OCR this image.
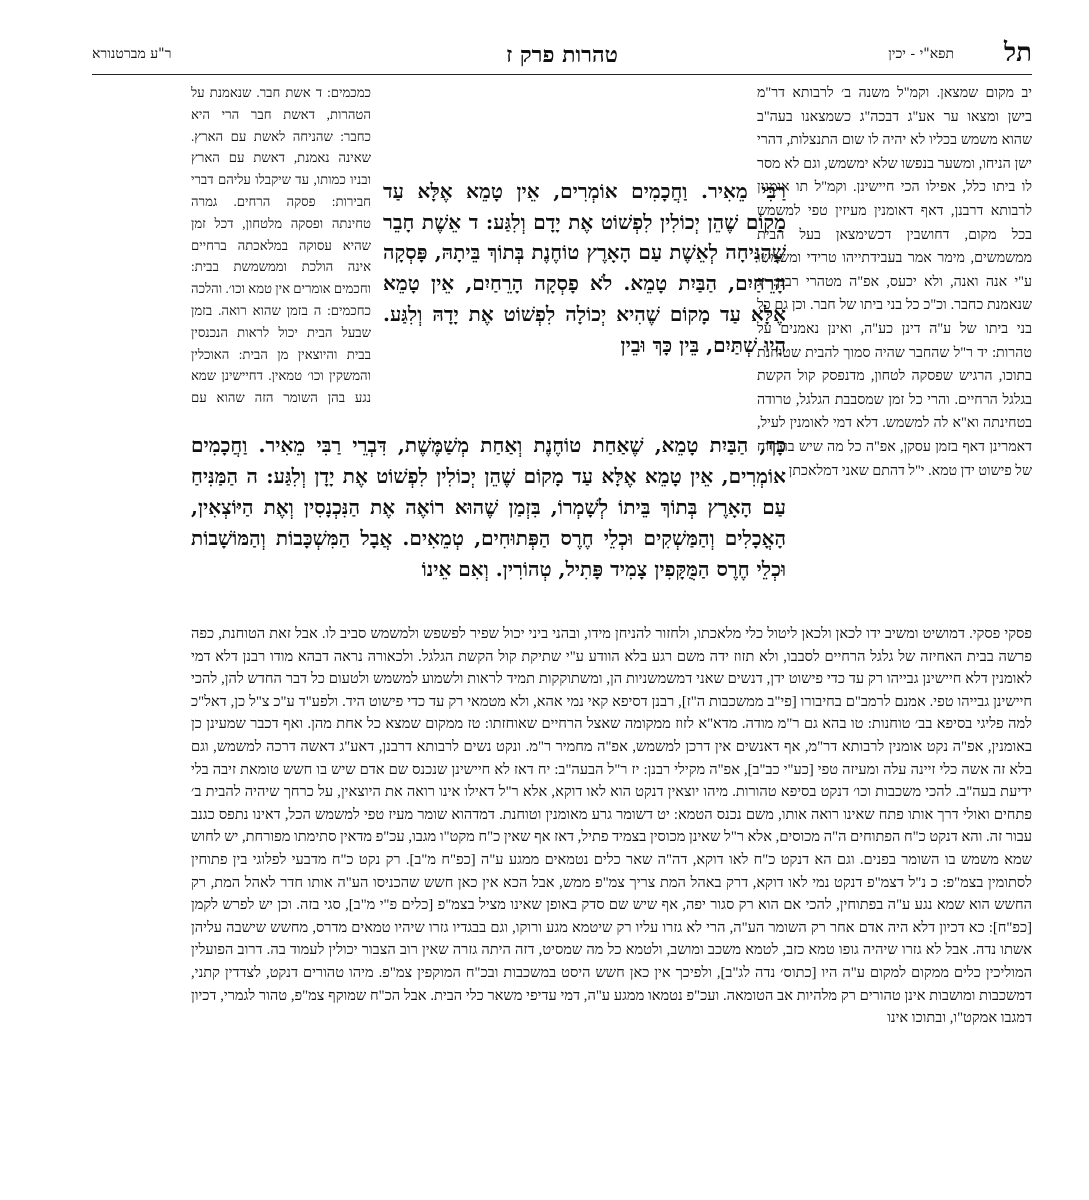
תל
תפא"י - יכין
טהרות פרק ז
ר"ע מברטנורא

יב מקום שמצאן. וקמ"ל משנה ב׳ לרבותא דר"מ בישן ומצאו ער אע"ג דבכה"ג כשמצאנו בעה"ב שהוא משמש בכליו לא יהיה לו שום התנצלות, דהרי ישן הניחו, ומשער בנפשו שלא ימשמש, וגם לא מסר לו ביתו כלל, אפילו הכי חיישינן. וקמ"ל תו אומנין לרבותא דרבנן, דאף דאומנין מעיזין טפי למשמש בכל מקום, דחושבין דכשימצאן בעל הבית ממשמשים, מימר אמר בעבידתייהו טרידי ומשמשו ע"י אנה ואנה, ולא יכעס, אפ"ה מטהרי רבנן: יג שנאמנת כחבר. וכ"כ כל בני ביתו של חבר. וכן גם כל בני ביתו של ע"ה דינן כע"ה, ואינן נאמנים על טהרות: יד ר"ל שהחבר שהיה סמוך להבית שטוחנת בתוכו, הרגיש שפסקה לטחון, מדנפסק קול הקשת בגלגל הרחיים. והרי כל זמן שמסבבת הגלגל, טרודה בטחינתה וא"א לה למשמש. דלא דמי לאומנין לעיל, דאמרינן דאף בזמן עסקן, אפ"ה כל מה שיש בהרווח של פישוט ידן טמא. י"ל דהתם שאני דמלאכתן

כמכמים: ד אשת חבר. שנאמנת על הטהרות, דאשת חבר הרי היא כחבר: שהניחה לאשת עם הארץ. שאינה נאמנת, דאשת עם הארץ ובניו כמותו, עד שיקבלו עליהם דברי חבירות: פסקה הרחים. גמרה טחינתה ופסקה מלטחון, דכל זמן שהיא עסוקה במלאכתה ברחיים אינה הולכת וממשמשת בבית: וחכמים אומרים אין טמא וכו׳. והלכה כחכמים: ה בזמן שהוא רואה. בזמן שבעל הבית יכול לראות הנכנסין בבית והיוצאין מן הבית: האוכלין והמשקין וכו׳ טמאין. דחיישינן שמא נגע בהן השומר הזה שהוא עם

רַבִּי מֵאִיר. וַחֲכָמִים אוֹמְרִים, אֵין טָמֵא אֶלָּא עַד מָקוֹם שֶׁהֵן יְכוֹלִין לִפְשׁוֹט אֶת יָדָם וְלִגַּע: ד אֵשֶׁת חָבֵר שֶׁהִנִּיחָה לְאֵשֶׁת עַם הָאָרֶץ טוֹחֶנֶת בְּתוֹךְ בֵּיתָהּ, פָּסְקָה הָרֵחַיִם, הַבַּיִת טָמֵא. לֹא פָסְקָה הָרֵחַיִם, אֵין טָמֵא אֶלָּא עַד מָקוֹם שֶׁהִיא יְכוֹלָה לִפְשׁוֹט אֶת יָדָהּ וְלִגַּע. הָיוּ שְׁתַּיִם, בֵּין כָּךְ וּבֵין

כָּךְ, הַבַּיִת טָמֵא, שֶׁאַחַת טוֹחֶנֶת וְאַחַת מְשַׁמֶּשֶׁת, דִּבְרֵי רַבִּי מֵאִיר. וַחֲכָמִים אוֹמְרִים, אֵין טָמֵא אֶלָּא עַד מָקוֹם שֶׁהֵן יְכוֹלִין לִפְשׁוֹט אֶת יָדָן וְלִגַּע: ה הַמַּנִּיחַ עַם הָאָרֶץ בְּתוֹךְ בֵּיתוֹ לְשָׁמְרוֹ, בִּזְמַן שֶׁהוּא רוֹאֶה אֶת הַנִּכְנָסִין וְאֶת הַיּוֹצְאִין, הָאֳכָלִים וְהַמַּשְׁקִים וּכְלֵי חֶרֶס הַפְּתוּחִים, טְמֵאִים. אֲבָל הַמִּשְׁכָּבוֹת וְהַמּוֹשָׁבוֹת וּכְלֵי חֶרֶס הַמֻּקָּפִין צָמִיד פָּתִיל, טְהוֹרִין. וְאִם אֵינוֹ

פסקי פסקי. דמושיט ומשיב ידו לכאן ולכאן ליטול כלי מלאכתו, ולחזור להניחן מידו, ובהני ביני יכול שפיר לפשפש ולמשמש סביב לו. אבל זאת הטוחנת, כפה פרשה בבית האחיזה של גלגל הרחיים לסבבו, ולא תזוז ידה משם רגע בלא הוודע ע"י שתיקת קול הקשת הגלגל. ולכאורה נראה דבהא מודו רבנן דלא דמי לאומנין דלא חיישינן גבייהו רק עד כדי פישוט ידן, דנשים שאני דמשמשניות הן, ומשתוקקות תמיד לראות ולשמוע למשמש ולטעום כל דבר החדש להן, להכי חיישינן גבייהו טפי. אמנם לרמב"ם בחיבורו [פי"ב ממשכבות ה"ז], רבנן דסיפא קאי נמי אהא, ולא מטמאי רק עד כדי פישוט היד. ולפע"ד ע"כ צ"ל כן, דאל"כ למה פליגי בסיפא בב׳ טוחנות: טו בהא גם ר"מ מודה. מדא"א לזוז ממקומה שאצל הרחיים שאוחזתו: טז ממקום שמצא כל אחת מהן. ואף דכבר שמעינן כן באומנין, אפ"ה נקט אומנין לרבותא דר"מ, אף דאנשים אין דרכן למשמש, אפ"ה מחמיר ר"מ. ונקט נשים לרבותא דרבנן, דאע"ג דאשה דרכה למשמש, וגם בלא זה אשה כלי זיינה עלה ומעיזה טפי [כע"י כב"ב], אפ"ה מקילי רבנן: יז ר"ל הבעה"ב: יח דאז לא חיישינן שנכנס שם אדם שיש בו חשש טומאת זיבה בלי ידיעת בעה"ב. להכי משכבות וכו׳ דנקט בסיפא טהורות. מיהו יוצאין דנקט הוא לאו דוקא, אלא ר"ל דאילו אינו רואה את היוצאין, על כרחך שיהיה להבית ב׳ פתחים ואולי דרך אותו פתח שאינו רואה אותו, משם נכנס הטמא: יט דשומר גרע מאומנין וטוחנת. דמדהוא שומר מעיז טפי למשמש הכל, דאינו נתפס כגנב עבור זה. והא דנקט כ"ח הפתוחים ה"ה מכוסים, אלא ר"ל שאינן מכוסין בצמיד פתיל, דאז אף שאין כ"ח מקט"ו מגבו, עכ"פ מדאין סתימתו מפורחת, יש לחוש שמא משמש בו השומר בפנים. וגם הא דנקט כ"ח לאו דוקא, דה"ה שאר כלים נטמאים ממגע ע"ה [כפ"ח מ"ב]. רק נקט כ"ח מדבעי לפלוגי בין פתוחין לסתומין בצמ"פ: כ נ"ל דצמ"פ דנקט נמי לאו דוקא, דרק באהל המת צריך צמ"פ ממש, אבל הכא אין כאן חשש שהכניסו הע"ה אותו חדר לאהל המת, רק החשש הוא שמא נגע ע"ה בפתוחין, להכי אם הוא רק סגור יפה, אף שיש שם סדק באופן שאינו מציל בצמ"פ [כלים פ"י מ"ב], סגי בזה. וכן יש לפרש לקמן [כפ"ח]: כא דכיון דלא היה אדם אחר רק השומר הע"ה, הרי לא גזרו עליו רק שיטמא מגע ורוקו, וגם בבגדיו גזרו שיהיו טמאים מדרס, מחשש שישבה עליהן אשתו נדה. אבל לא גזרו שיהיה גופו טמא כזב, לטמא משכב ומושב, ולטמא כל מה שמסיט, דזה היתה גזרה שאין רוב הצבור יכולין לעמוד בה. דרוב הפועלין המוליכין כלים ממקום למקום ע"ה היו [כתוס׳ נדה לג"ב], ולפיכך אין כאן חשש היסט במשכבות ובכ"ח המוקפין צמ"פ. מיהו טהורים דנקט, לצדדין קתני, דמשכבות ומושבות אינן טהורים רק מלהיות אב הטומאה. ועכ"פ נטמאו ממגע ע"ה, דמי עדיפי משאר כלי הבית. אבל הכ"ח שמוקף צמ"פ, טהור לגמרי, דכיון דמגבו אמקט"ו, ובתוכו אינו
